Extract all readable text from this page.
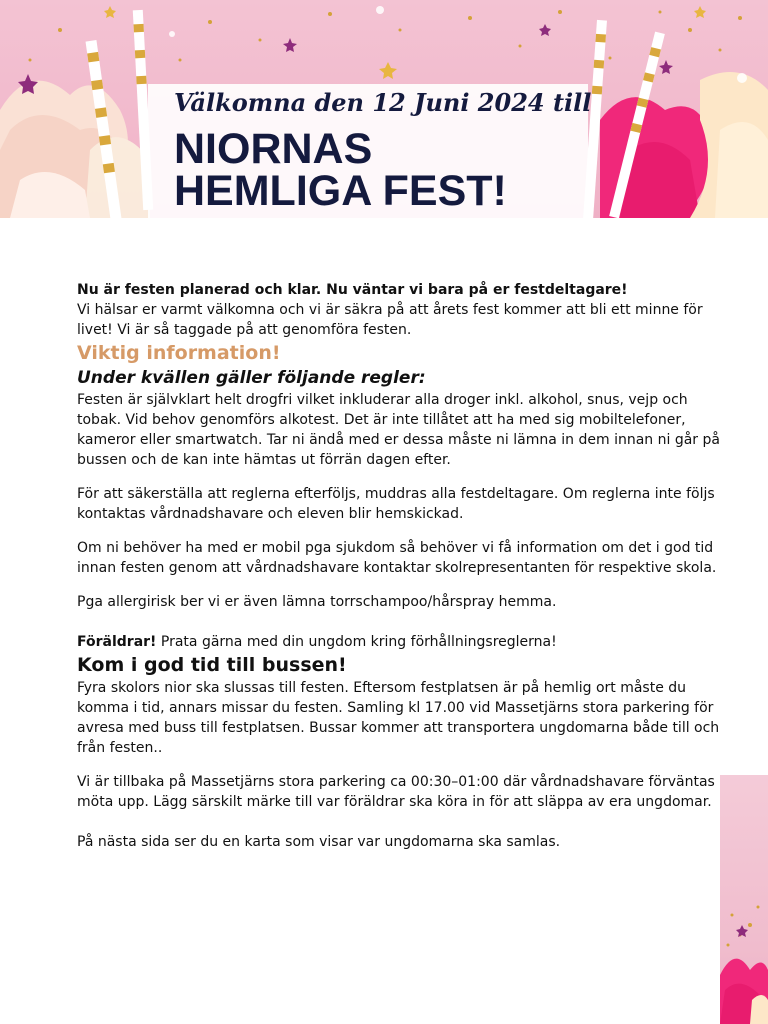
Välkomna den 12 Juni 2024 till
NIORNAS
HEMLIGA FEST!

Nu är festen planerad och klar. Nu väntar vi bara på er festdeltagare!

Vi hälsar er varmt välkomna och vi är säkra på att årets fest kommer att bli ett minne för livet! Vi är så taggade på att genomföra festen.

Viktig information!

Under kvällen gäller följande regler:

Festen är självklart helt drogfri vilket inkluderar alla droger inkl. alkohol, snus, vejp och tobak. Vid behov genomförs alkotest. Det är inte tillåtet att ha med sig mobiltelefoner, kameror eller smartwatch. Tar ni ändå med er dessa måste ni lämna in dem innan ni går på bussen och de kan inte hämtas ut förrän dagen efter.

För att säkerställa att reglerna efterföljs, muddras alla festdeltagare. Om reglerna inte följs kontaktas vårdnadshavare och eleven blir hemskickad.

Om ni behöver ha med er mobil pga sjukdom så behöver vi få information om det i god tid innan festen genom att vårdnadshavare kontaktar skolrepresentanten för respektive skola.

Pga allergirisk ber vi er även lämna torrschampoo/hårspray hemma.

Föräldrar! Prata gärna med din ungdom kring förhållningsreglerna!

Kom i god tid till bussen!

Fyra skolors nior ska slussas till festen. Eftersom festplatsen är på hemlig ort måste du komma i tid, annars missar du festen. Samling kl 17.00 vid Massetjärns stora parkering för avresa med buss till festplatsen. Bussar kommer att transportera ungdomarna både till och från festen..

Vi är tillbaka på Massetjärns stora parkering ca 00:30–01:00 där vårdnadshavare förväntas möta upp. Lägg särskilt märke till var föräldrar ska köra in för att släppa av era ungdomar.

På nästa sida ser du en karta som visar var ungdomarna ska samlas.
